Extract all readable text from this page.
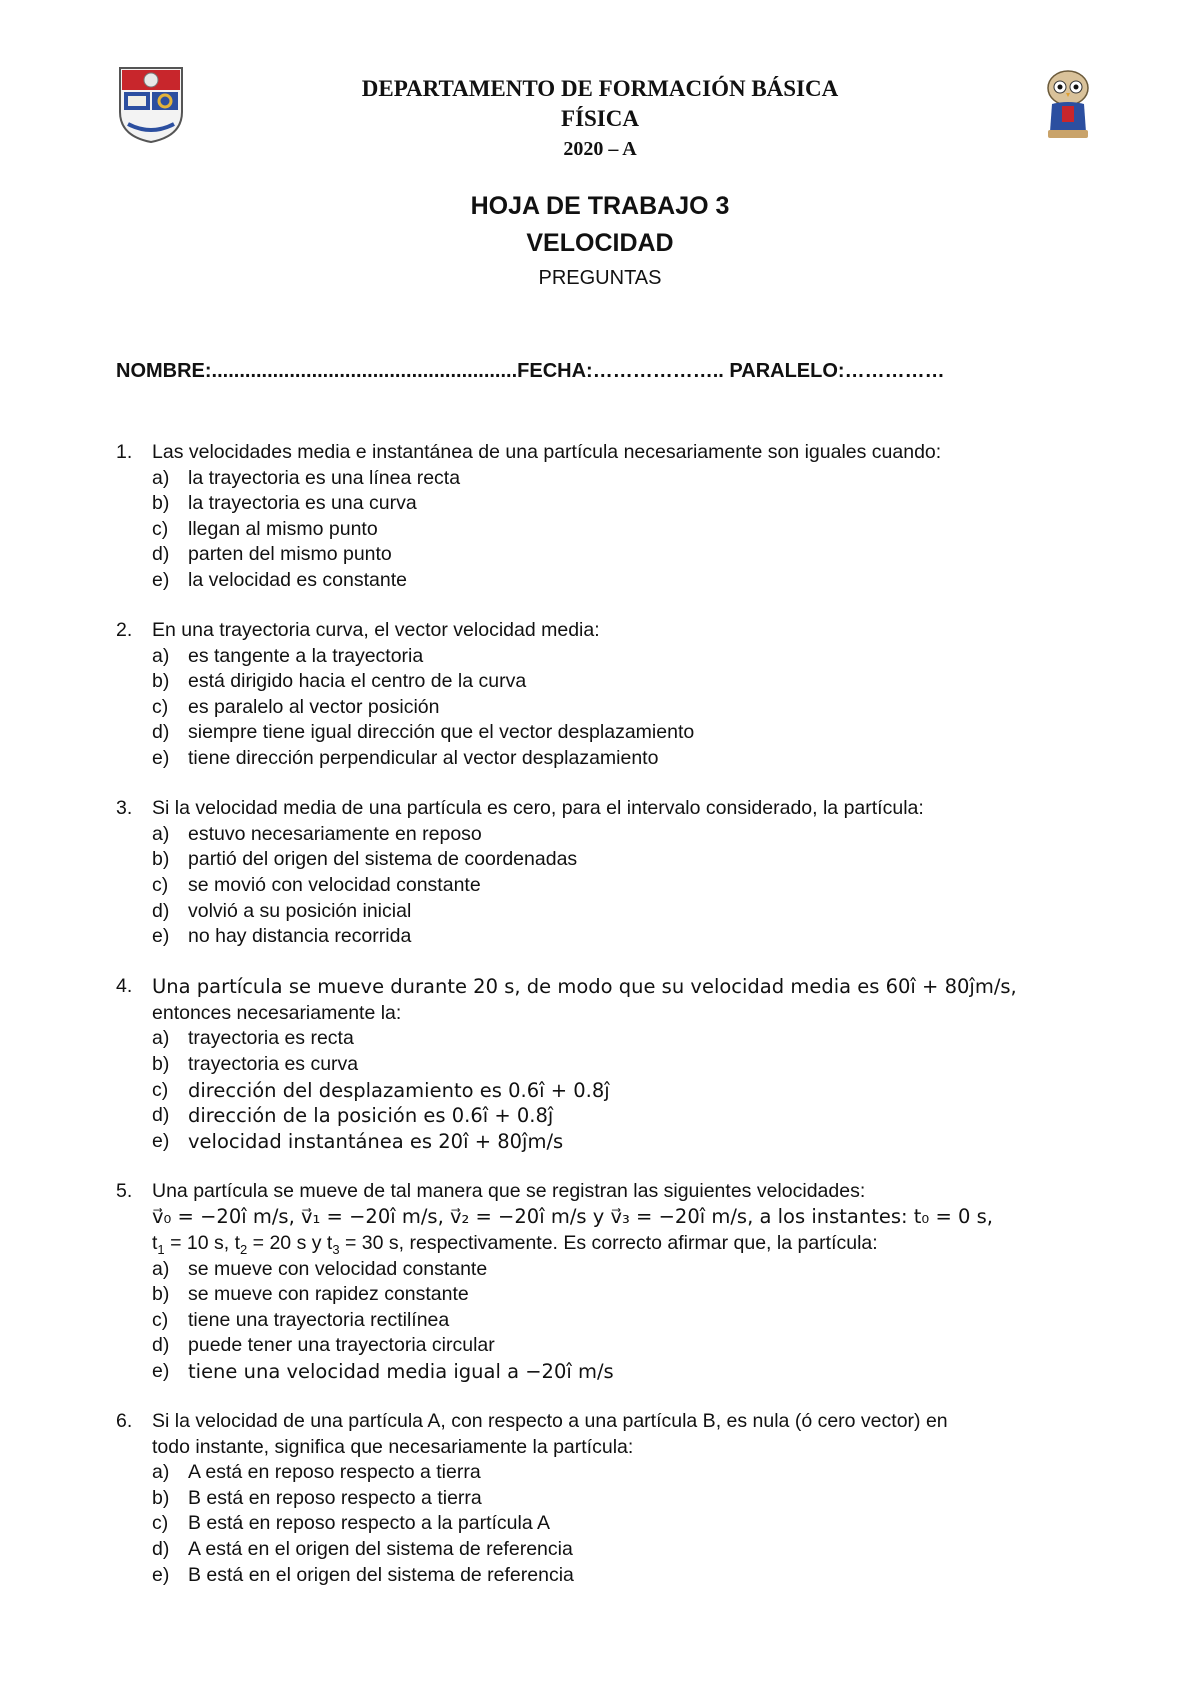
DEPARTAMENTO DE FORMACIÓN BÁSICA
FÍSICA
2020 – A
HOJA DE TRABAJO 3
VELOCIDAD
PREGUNTAS
NOMBRE:.......................................................FECHA:……………….. PARALELO:……………
1.	Las velocidades media e instantánea de una partícula necesariamente son iguales cuando:
a) la trayectoria es una línea recta
b) la trayectoria es una curva
c)	llegan al mismo punto
d) parten del mismo punto
e) la velocidad es constante
2.	En una trayectoria curva, el vector velocidad media:
a) es tangente a la trayectoria
b) está dirigido hacia el centro de la curva
c)	es paralelo al vector posición
d) siempre tiene igual dirección que el vector desplazamiento
e) tiene dirección perpendicular al vector desplazamiento
3.	Si la velocidad media de una partícula es cero, para el intervalo considerado, la partícula:
a) estuvo necesariamente en reposo
b) partió del origen del sistema de coordenadas
c)	se movió con velocidad constante
d) volvió a su posición inicial
e) no hay distancia recorrida
4.	Una partícula se mueve durante 20 s, de modo que su velocidad media es 60î + 80ĵm/s,
entonces necesariamente la:
a) trayectoria es recta
b) trayectoria es curva
c)	dirección del desplazamiento es 0.6î + 0.8ĵ
d) dirección de la posición es 0.6î + 0.8ĵ
e) velocidad instantánea es 20î + 80ĵm/s
5.	Una partícula se mueve de tal manera que se registran las siguientes velocidades:
v⃗₀ = −20î m/s, v⃗₁ = −20î m/s, v⃗₂ = −20î m/s y v⃗₃ = −20î m/s, a los instantes: t₀ = 0 s,
$t_1 = 10$ s, $t_2 = 20$ s y $t_3 = 30$ s, respectivamente. Es correcto afirmar que, la partícula:
a) se mueve con velocidad constante
b) se mueve con rapidez constante
c)	tiene una trayectoria rectilínea
d) puede tener una trayectoria circular
e) tiene una velocidad media igual a −20î m/s
6.	Si la velocidad de una partícula A, con respecto a una partícula B, es nula (ó cero vector) en
todo instante, significa que necesariamente la partícula:
a) A está en reposo respecto a tierra
b) B está en reposo respecto a tierra
c)	B está en reposo respecto a la partícula A
d) A está en el origen del sistema de referencia
e) B está en el origen del sistema de referencia
